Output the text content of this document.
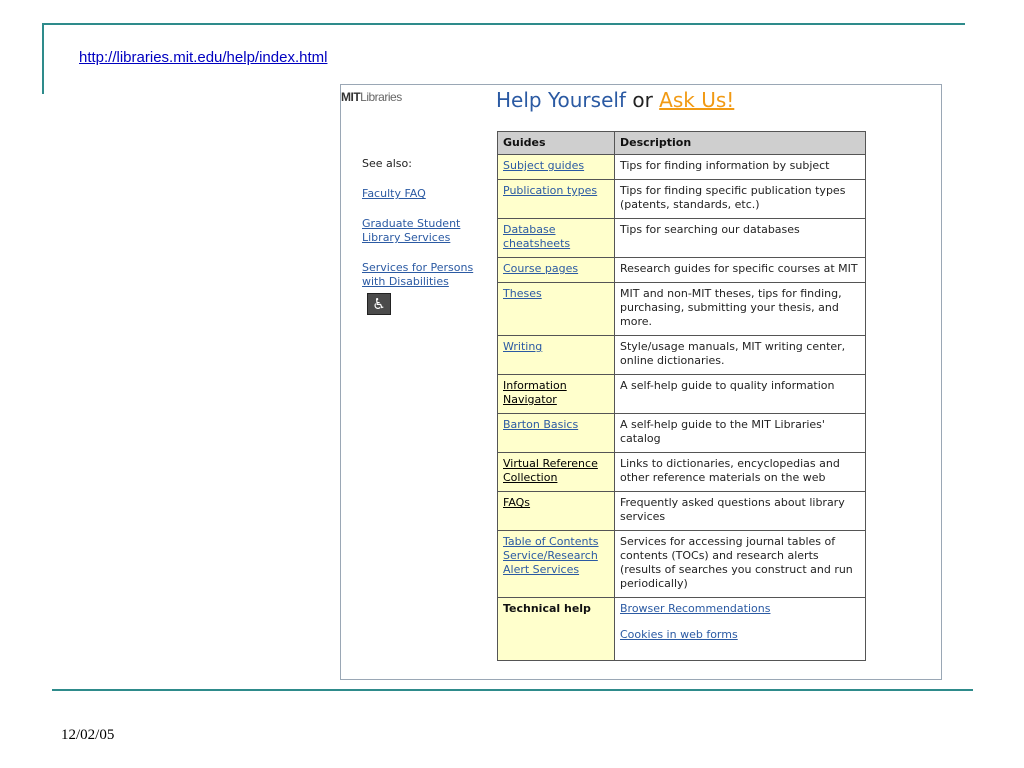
http://libraries.mit.edu/help/index.html
MITLibraries	Help Yourself or Ask Us!
See also:
Faculty FAQ
Graduate Student Library Services
Services for Persons with Disabilities
♿
Guides	Description
Subject guides	Tips for finding information by subject
Publication types	Tips for finding specific publication types (patents, standards, etc.)
Database cheatsheets	Tips for searching our databases
Course pages	Research guides for specific courses at MIT
Theses	MIT and non-MIT theses, tips for finding, purchasing, submitting your thesis, and more.
Writing	Style/usage manuals, MIT writing center, online dictionaries.
Information Navigator	A self-help guide to quality information
Barton Basics	A self-help guide to the MIT Libraries' catalog
Virtual Reference Collection	Links to dictionaries, encyclopedias and other reference materials on the web
FAQs	Frequently asked questions about library services
Table of Contents Service/Research Alert Services	Services for accessing journal tables of contents (TOCs) and research alerts (results of searches you construct and run periodically)
Technical help	Browser Recommendations
Cookies in web forms
12/02/05
